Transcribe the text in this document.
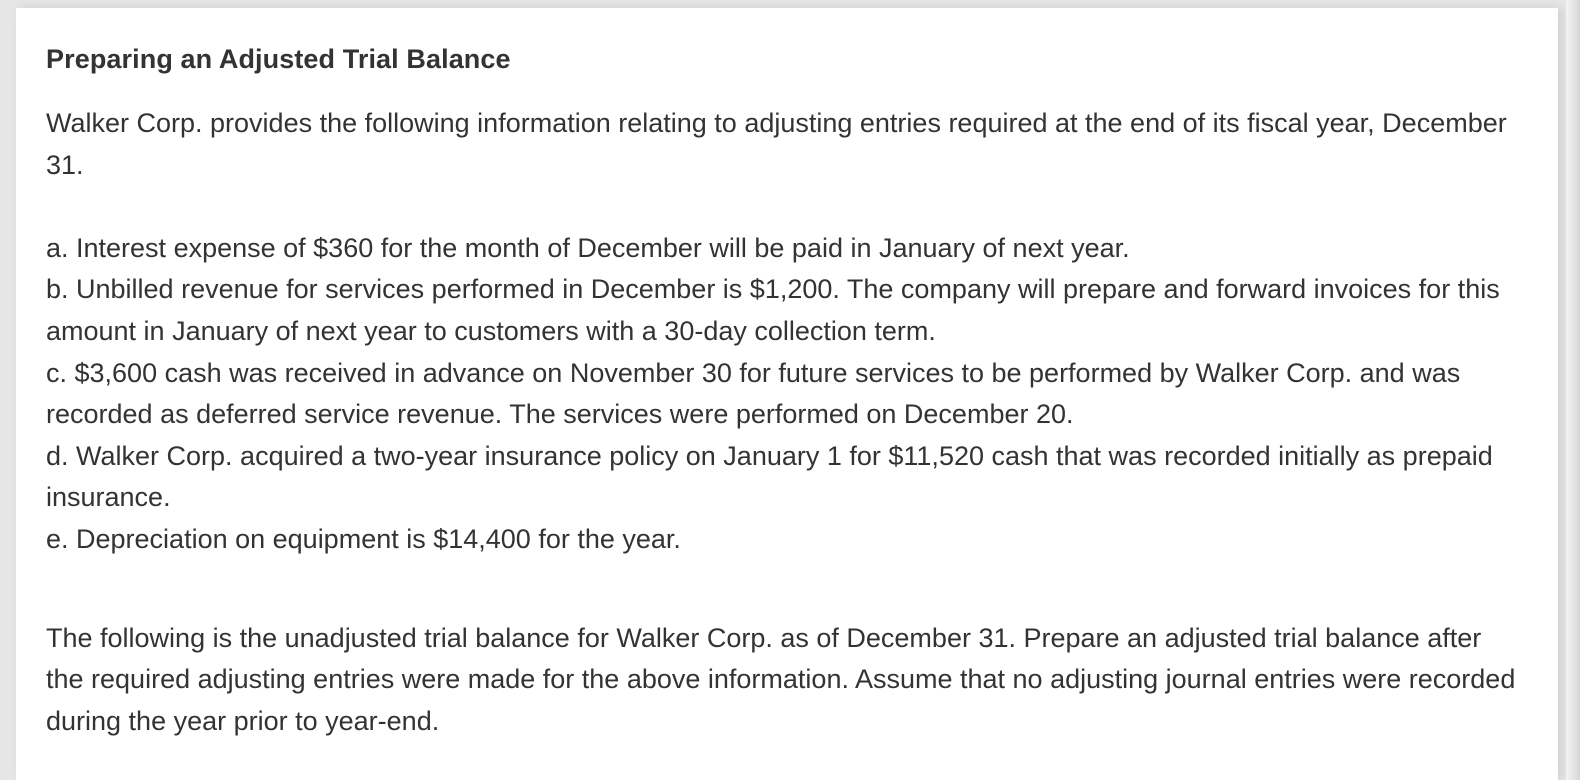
Preparing an Adjusted Trial Balance

Walker Corp. provides the following information relating to adjusting entries required at the end of its fiscal year, December 31.

a. Interest expense of $360 for the month of December will be paid in January of next year.

b. Unbilled revenue for services performed in December is $1,200. The company will prepare and forward invoices for this amount in January of next year to customers with a 30-day collection term.

c. $3,600 cash was received in advance on November 30 for future services to be performed by Walker Corp. and was recorded as deferred service revenue. The services were performed on December 20.

d. Walker Corp. acquired a two-year insurance policy on January 1 for $11,520 cash that was recorded initially as prepaid insurance.

e. Depreciation on equipment is $14,400 for the year.

The following is the unadjusted trial balance for Walker Corp. as of December 31. Prepare an adjusted trial balance after the required adjusting entries were made for the above information. Assume that no adjusting journal entries were recorded during the year prior to year-end.
